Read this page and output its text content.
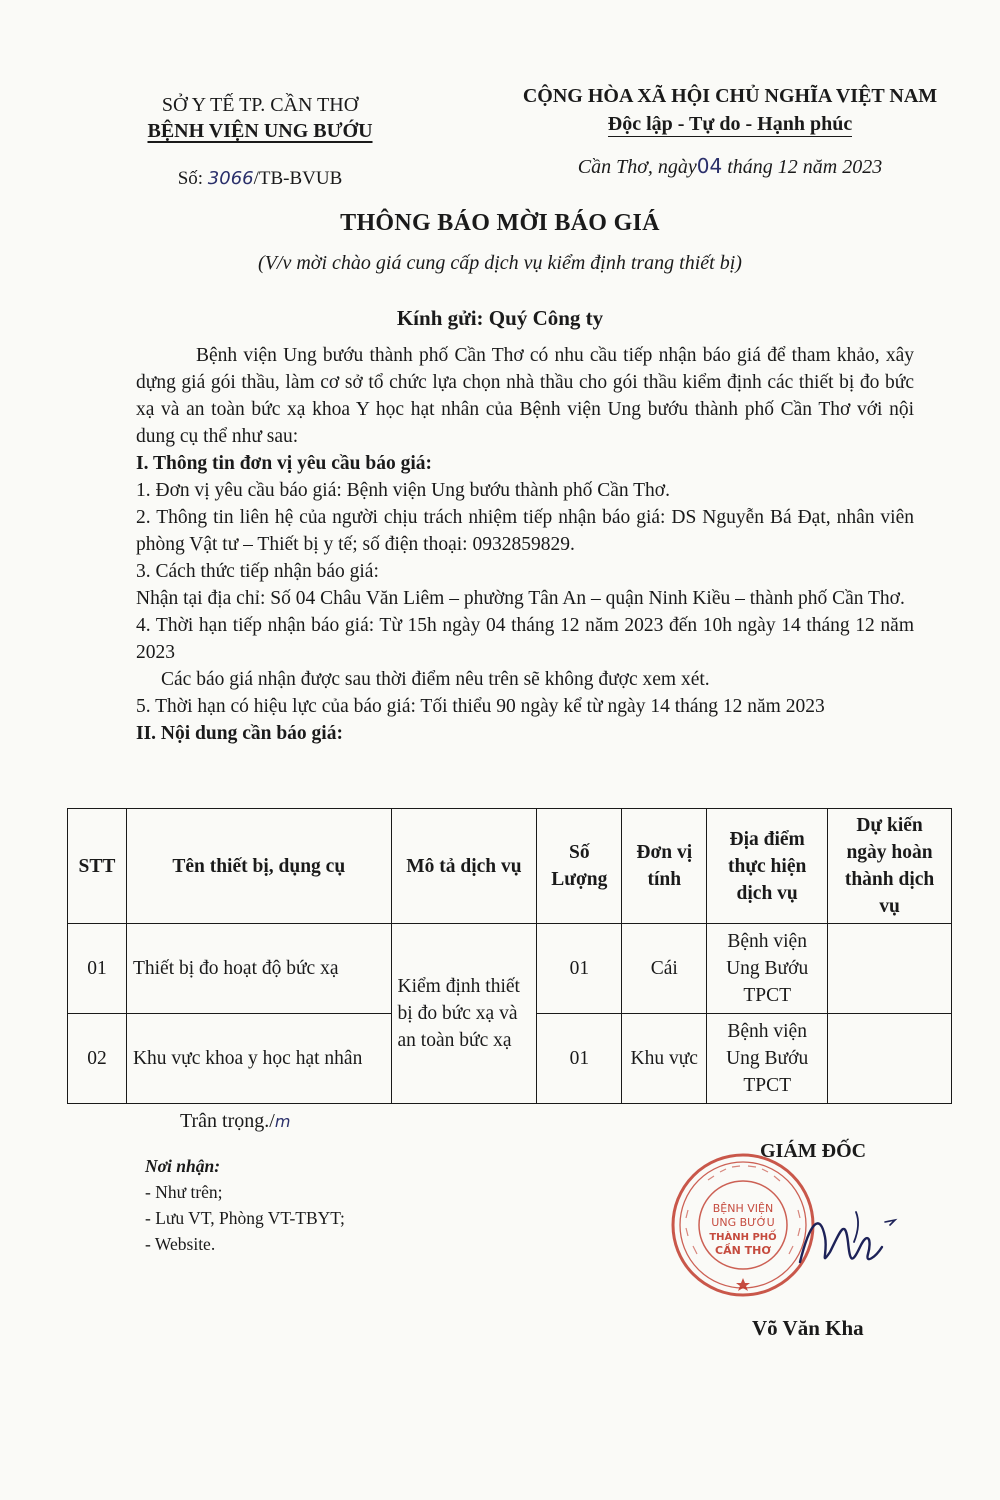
SỞ Y TẾ TP. CẦN THƠ
BỆNH VIỆN UNG BƯỚU
Số: 3066/TB-BVUB
CỘNG HÒA XÃ HỘI CHỦ NGHĨA VIỆT NAM
Độc lập - Tự do - Hạnh phúc
Cần Thơ, ngày04 tháng 12 năm 2023
THÔNG BÁO MỜI BÁO GIÁ
(V/v mời chào giá cung cấp dịch vụ kiểm định trang thiết bị)
Kính gửi: Quý Công ty

Bệnh viện Ung bướu thành phố Cần Thơ có nhu cầu tiếp nhận báo giá để tham khảo, xây dựng giá gói thầu, làm cơ sở tổ chức lựa chọn nhà thầu cho gói thầu kiểm định các thiết bị đo bức xạ và an toàn bức xạ khoa Y học hạt nhân của Bệnh viện Ung bướu thành phố Cần Thơ với nội dung cụ thể như sau:

I. Thông tin đơn vị yêu cầu báo giá:

1. Đơn vị yêu cầu báo giá: Bệnh viện Ung bướu thành phố Cần Thơ.

2. Thông tin liên hệ của người chịu trách nhiệm tiếp nhận báo giá: DS Nguyễn Bá Đạt, nhân viên phòng Vật tư – Thiết bị y tế; số điện thoại: 0932859829.

3. Cách thức tiếp nhận báo giá:

Nhận tại địa chỉ: Số 04 Châu Văn Liêm – phường Tân An – quận Ninh Kiều – thành phố Cần Thơ.

4. Thời hạn tiếp nhận báo giá: Từ 15h ngày 04 tháng 12 năm 2023 đến 10h ngày 14 tháng 12 năm 2023

Các báo giá nhận được sau thời điểm nêu trên sẽ không được xem xét.

5. Thời hạn có hiệu lực của báo giá: Tối thiểu 90 ngày kể từ ngày 14 tháng 12 năm 2023

II. Nội dung cần báo giá:

STT	Tên thiết bị, dụng cụ	Mô tả dịch vụ	Số Lượng	Đơn vị tính	Địa điểm thực hiện dịch vụ	Dự kiến ngày hoàn thành dịch vụ
01	Thiết bị đo hoạt độ bức xạ	Kiểm định thiết bị đo bức xạ và an toàn bức xạ	01	Cái	Bệnh viện Ung Bướu TPCT	
02	Khu vực khoa y học hạt nhân		01	Khu vực	Bệnh viện Ung Bướu TPCT	
Trân trọng./m
Nơi nhận:
- Như trên;
- Lưu VT, Phòng VT-TBYT;
- Website.
GIÁM ĐỐC
BỆNH VIỆN
UNG BƯỚU
THÀNH PHỐ
CẦN THƠ
Võ Văn Kha
